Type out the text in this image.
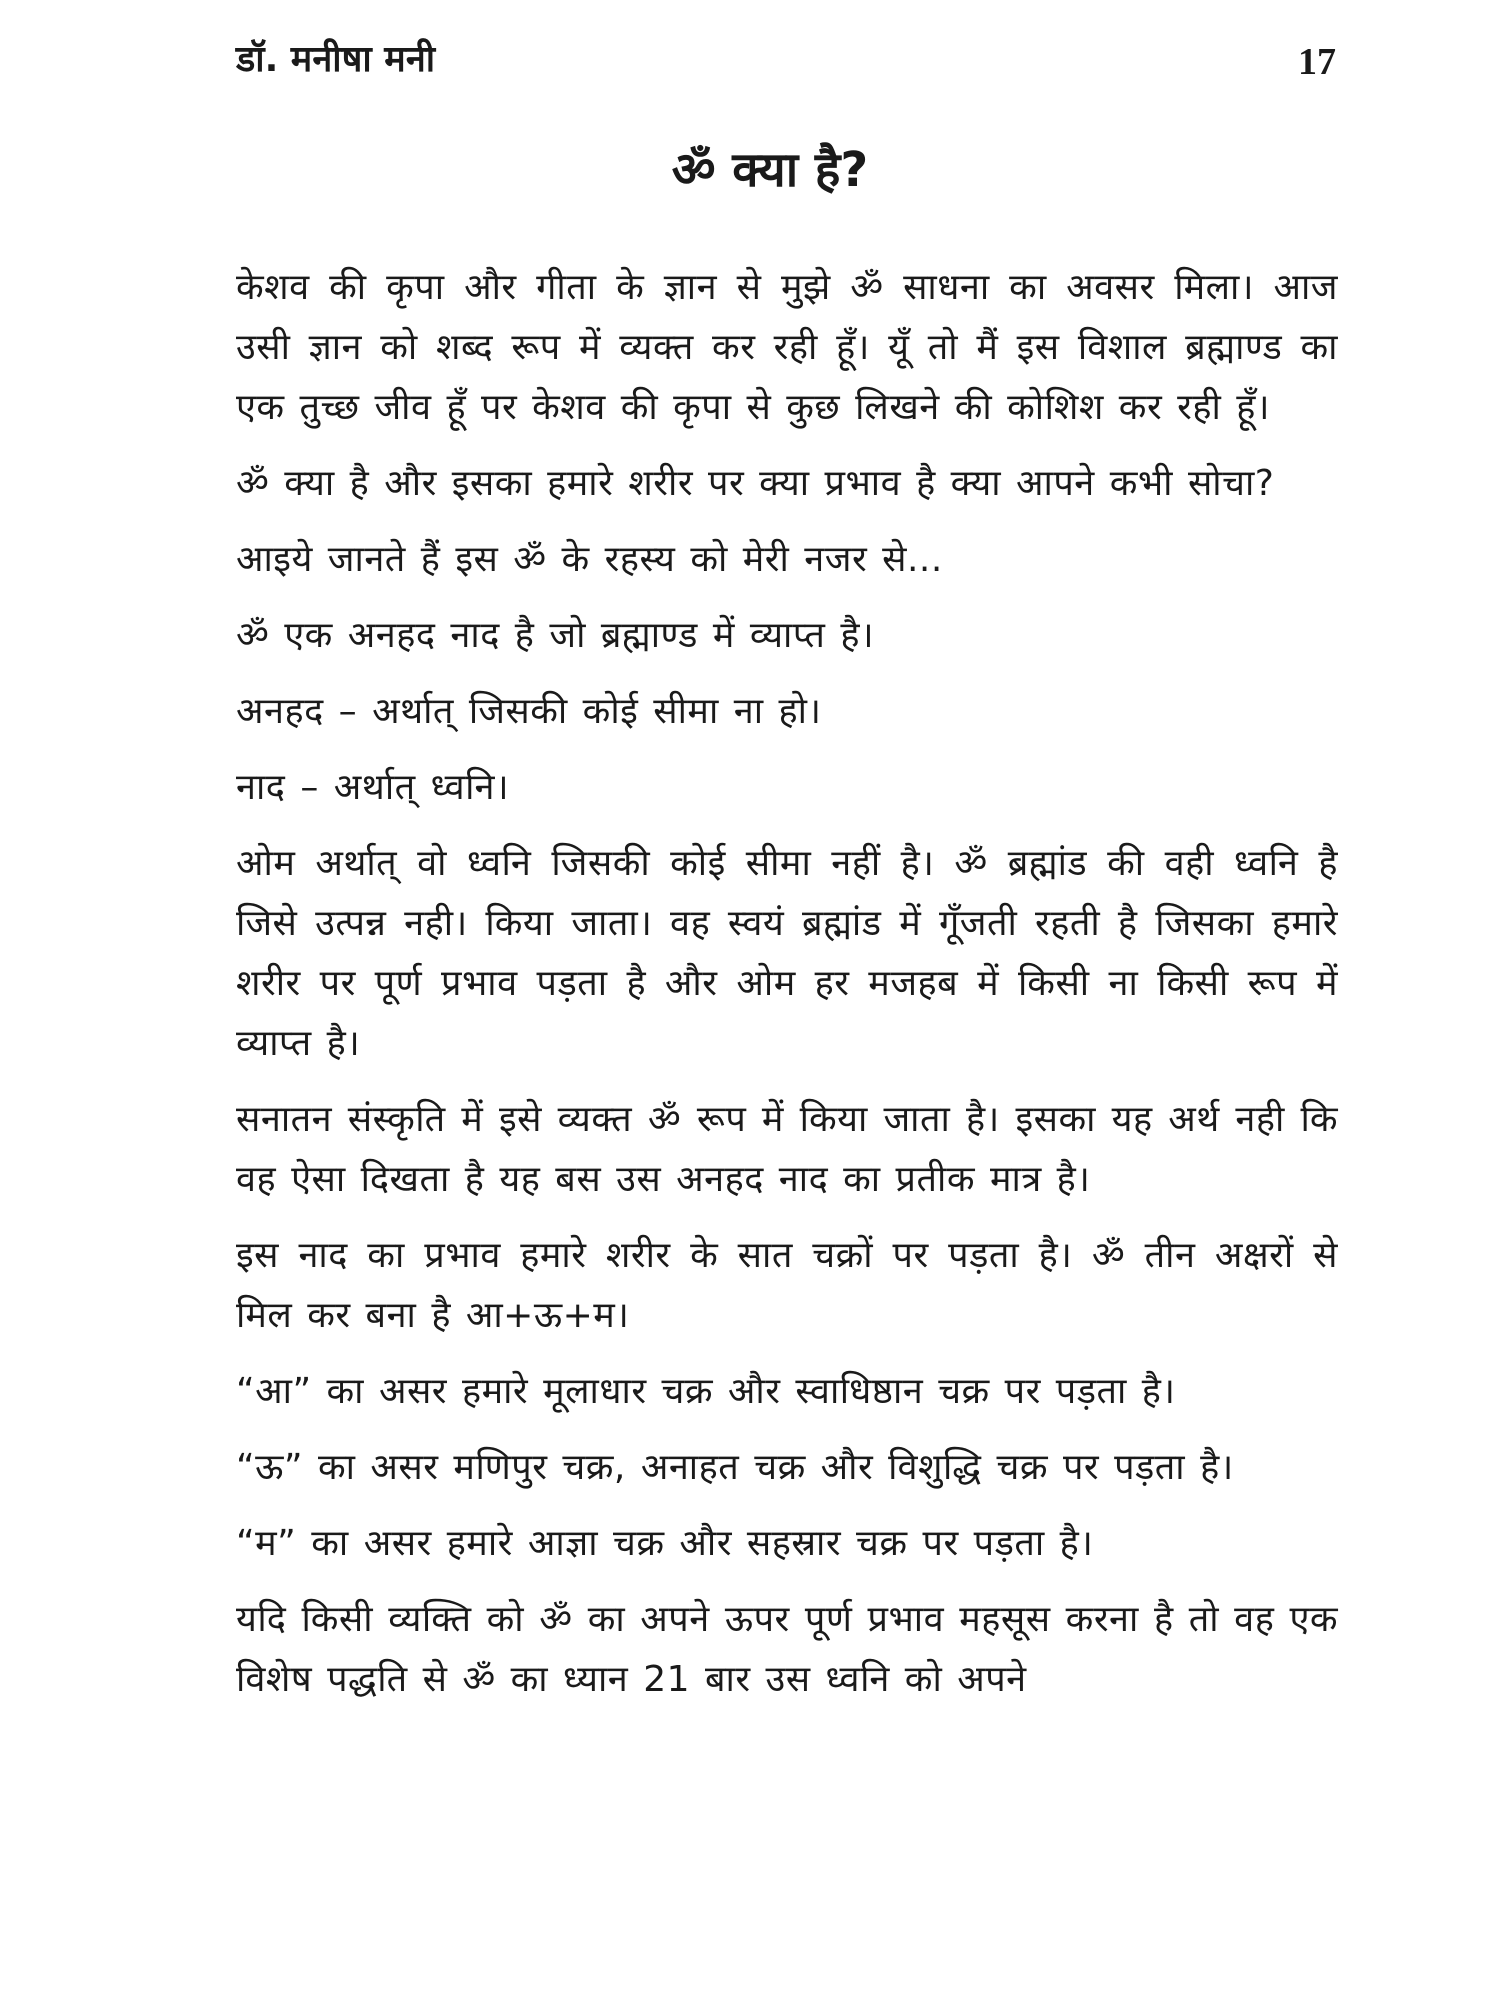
डॉ. मनीषा मनी	17
ॐ क्या है?

केशव की कृपा और गीता के ज्ञान से मुझे ॐ साधना का अवसर मिला। आज उसी ज्ञान को शब्द रूप में व्यक्त कर रही हूँ। यूँ तो मैं इस विशाल ब्रह्माण्ड का एक तुच्छ जीव हूँ पर केशव की कृपा से कुछ लिखने की कोशिश कर रही हूँ।

ॐ क्या है और इसका हमारे शरीर पर क्या प्रभाव है क्या आपने कभी सोचा?

आइये जानते हैं इस ॐ के रहस्य को मेरी नजर से...

ॐ एक अनहद नाद है जो ब्रह्माण्ड में व्याप्त है।

अनहद – अर्थात् जिसकी कोई सीमा ना हो।

नाद – अर्थात् ध्वनि।

ओम अर्थात् वो ध्वनि जिसकी कोई सीमा नहीं है। ॐ ब्रह्मांड की वही ध्वनि है जिसे उत्पन्न नही। किया जाता। वह स्वयं ब्रह्मांड में गूँजती रहती है जिसका हमारे शरीर पर पूर्ण प्रभाव पड़ता है और ओम हर मजहब में किसी ना किसी रूप में व्याप्त है।

सनातन संस्कृति में इसे व्यक्त ॐ रूप में किया जाता है। इसका यह अर्थ नही कि वह ऐसा दिखता है यह बस उस अनहद नाद का प्रतीक मात्र है।

इस नाद का प्रभाव हमारे शरीर के सात चक्रों पर पड़ता है। ॐ तीन अक्षरों से मिल कर बना है आ+ऊ+म।

“आ” का असर हमारे मूलाधार चक्र और स्वाधिष्ठान चक्र पर पड़ता है।

“ऊ” का असर मणिपुर चक्र, अनाहत चक्र और विशुद्धि चक्र पर पड़ता है।

“म” का असर हमारे आज्ञा चक्र और सहस्रार चक्र पर पड़ता है।

यदि किसी व्यक्ति को ॐ का अपने ऊपर पूर्ण प्रभाव महसूस करना है तो वह एक विशेष पद्धति से ॐ का ध्यान 21 बार उस ध्वनि को अपने
